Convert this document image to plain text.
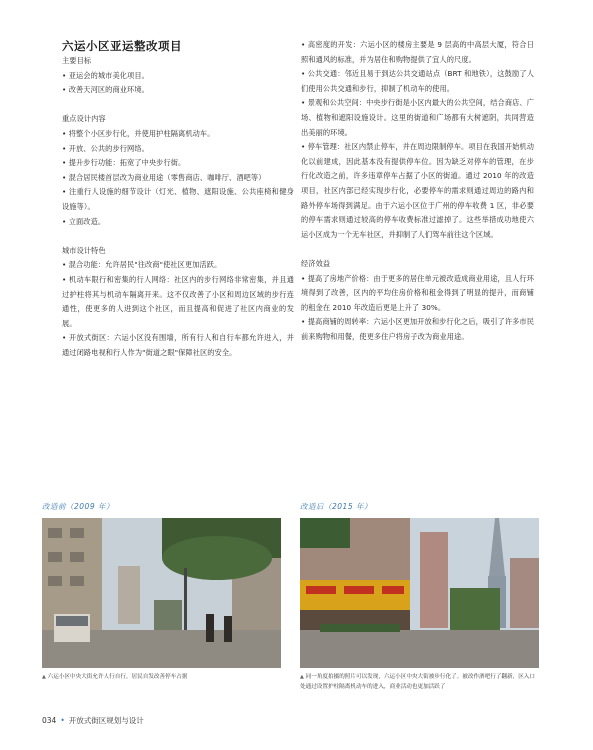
六运小区亚运整改项目

主要目标

• 亚运会的城市美化项目。

• 改善天河区的商业环境。

重点设计内容

• 将整个小区步行化，并使用护柱隔离机动车。

• 开放、公共的步行网络。

• 提升步行功能：拓宽了中央步行街。

• 混合居民楼首层改为商业用途（零售商店、咖啡厅、酒吧等）

• 注重行人设施的细节设计（灯光、植物、遮阳设施、公共座椅和健身设施等）。

• 立面改造。

城市设计特色

• 混合功能：允许居民"往改商"使社区更加活跃。

• 机动车限行和密集的行人网络：社区内的步行网络非常密集，并且通过护柱将其与机动车隔离开来。这不仅改善了小区和周边区域的步行连通性，使更多的人进到这个社区，而且提高和促进了社区内商业的发展。

• 开放式街区：六运小区没有围墙，所有行人和自行车都允许进入，并通过闭路电视和行人作为"街道之眼"保障社区的安全。

• 高密度的开发：六运小区的楼房主要是 9 层高的中高层大厦，符合日照和通风的标准，并为居住和购物提供了宜人的尺度。

• 公共交通：邻近且易于到达公共交通站点（BRT 和地铁），这鼓励了人们使用公共交通和步行，抑制了机动车的使用。

• 景观和公共空间：中央步行街是小区内最大的公共空间，结合商店、广场、植物和遮阳设施设计。这里的街道和广场都有大树遮阴，共同营造出美丽的环境。

• 停车管理：社区内禁止停车，并在周边限制停车。项目在我国开始机动化以前建成，因此基本没有提供停车位。因为缺乏对停车的管理，在步行化改造之前，许多违章停车占据了小区的街道。通过 2010 年的改造项目，社区内部已经实现步行化，必要停车的需求则通过周边的路内和路外停车场得到满足。由于六运小区位于广州的停车收费 1 区，非必要的停车需求则通过较高的停车收费标准过滤掉了。这些举措成功地使六运小区成为一个无车社区，并抑制了人们驾车前往这个区域。

经济效益

• 提高了房地产价格：由于更多的居住单元被改造成商业用途，且人行环境得到了改善，区内的平均住房价格和租金得到了明显的提升，而商铺的租金在 2010 年改造后更是上升了 30%。

• 提高商铺的周转率：六运小区更加开放和步行化之后，吸引了许多市民前来购物和用餐，使更多住户将房子改为商业用途。

改造前（2009 年）	改造后（2015 年）
▲ 六运小区中央大街允许人行自行，居民自发改善停车占据	▲ 同一角度拍摄的照片可以发现，六运小区中央大街被步行化了。被改作酒吧行了翻新，区入口处通过设置护柱隔离机动车的进入，商业活动也更加活跃了
034 • 开放式街区规划与设计
